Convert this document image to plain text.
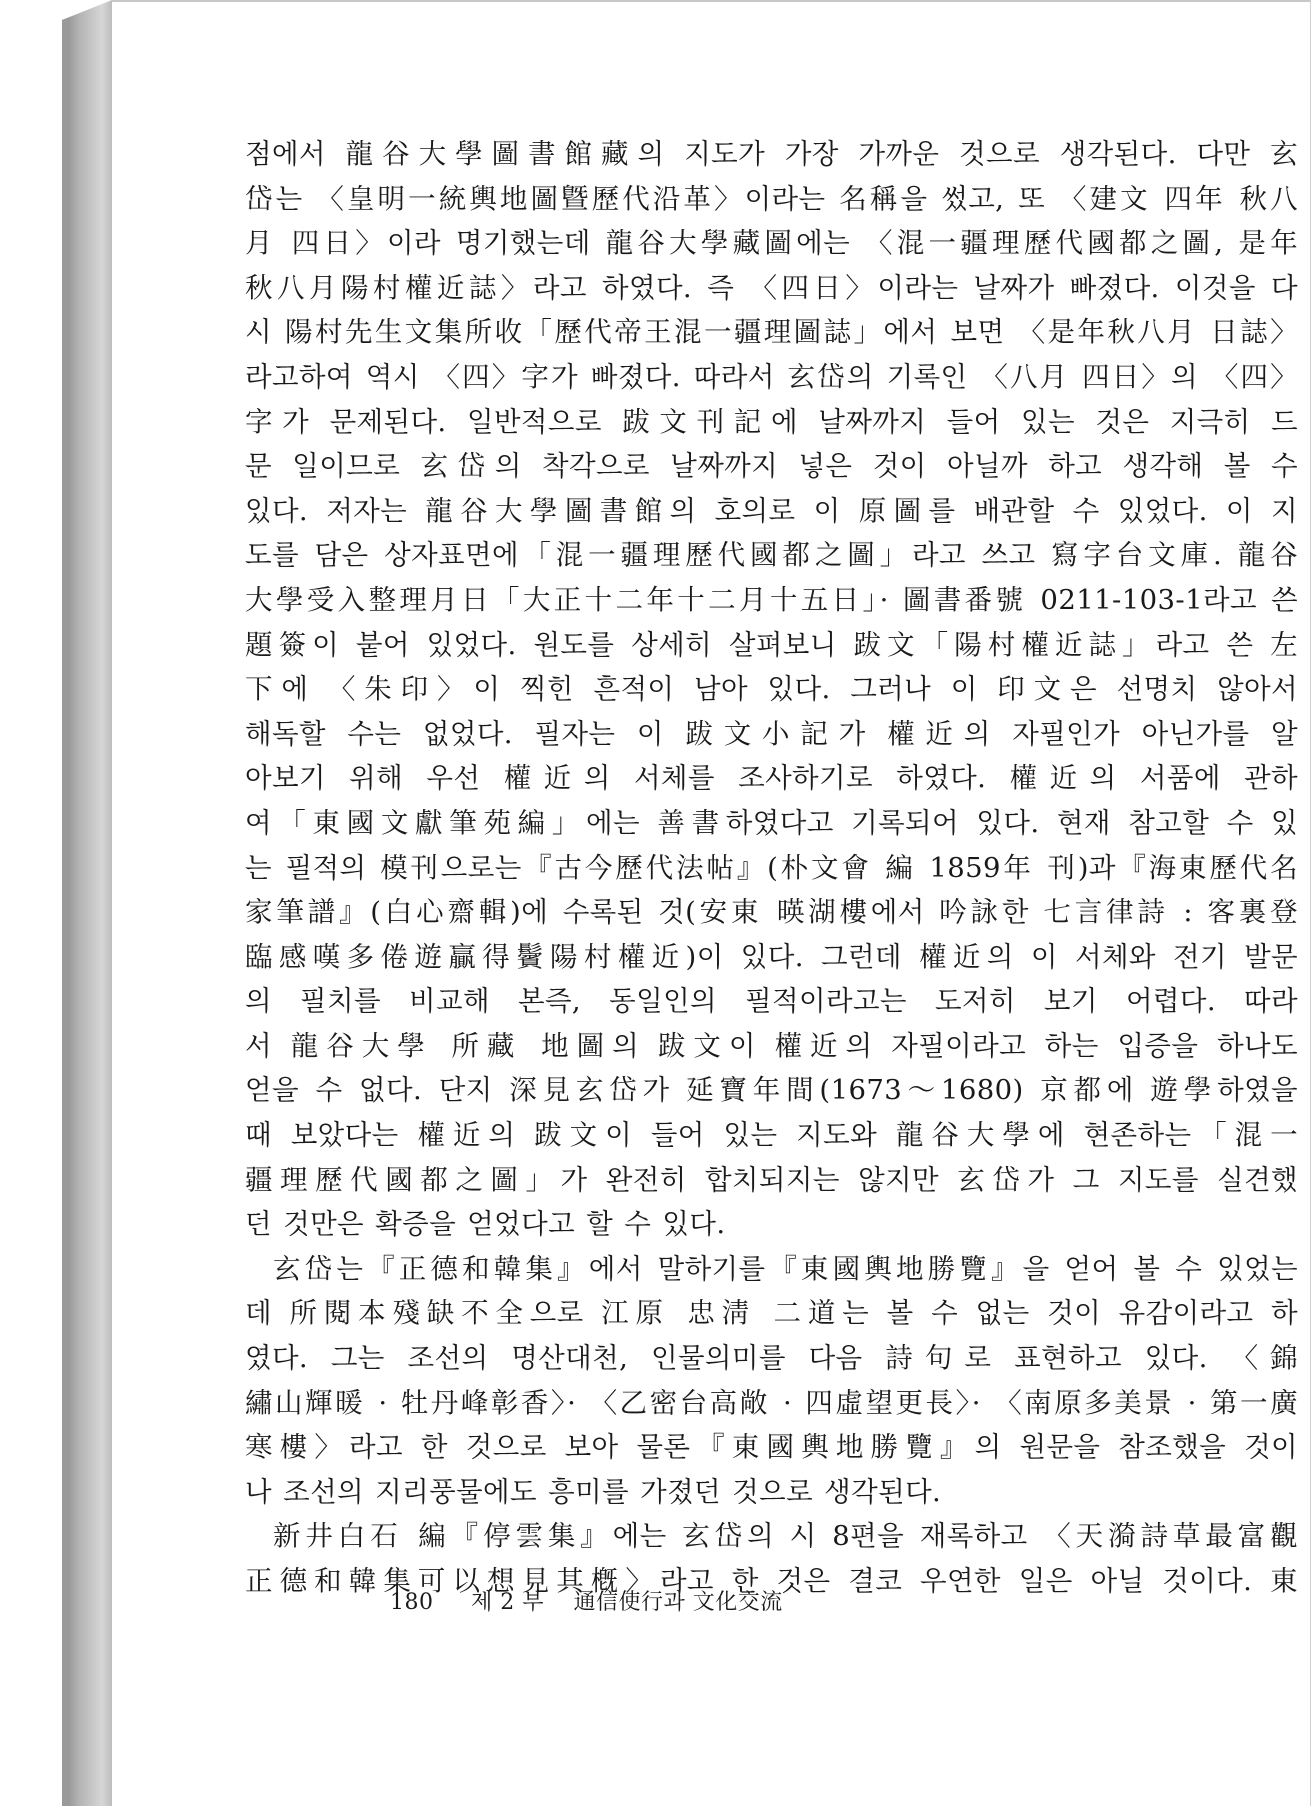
점에서 龍谷大學圖書館藏의 지도가 가장 가까운 것으로 생각된다. 다만 玄
岱는 〈皇明一統輿地圖曁歷代沿革〉이라는 名稱을 썼고, 또 〈建文 四年 秋八
月 四日〉이라 명기했는데 龍谷大學藏圖에는 〈混一疆理歷代國都之圖, 是年
秋八月陽村權近誌〉라고 하였다. 즉 〈四日〉이라는 날짜가 빠졌다. 이것을 다
시 陽村先生文集所收「歷代帝王混一疆理圖誌」에서 보면 〈是年秋八月 日誌〉
라고하여 역시 〈四〉字가 빠졌다. 따라서 玄岱의 기록인 〈八月 四日〉의 〈四〉
字가 문제된다. 일반적으로 跋文刊記에 날짜까지 들어 있는 것은 지극히 드
문 일이므로 玄岱의 착각으로 날짜까지 넣은 것이 아닐까 하고 생각해 볼 수
있다. 저자는 龍谷大學圖書館의 호의로 이 原圖를 배관할 수 있었다. 이 지
도를 담은 상자표면에「混一疆理歷代國都之圖」라고 쓰고 寫字台文庫. 龍谷
大學受入整理月日「大正十二年十二月十五日」· 圖書番號 0211-103-1라고 쓴
題簽이 붙어 있었다. 원도를 상세히 살펴보니 跋文「陽村權近誌」라고 쓴 左
下에 〈朱印〉이 찍힌 흔적이 남아 있다. 그러나 이 印文은 선명치 않아서
해독할 수는 없었다. 필자는 이 跋文小記가 權近의 자필인가 아닌가를 알
아보기 위해 우선 權近의 서체를 조사하기로 하였다. 權近의 서품에 관하
여「東國文獻筆苑編」에는 善書하였다고 기록되어 있다. 현재 참고할 수 있
는 필적의 模刊으로는『古今歷代法帖』(朴文會 編 1859年 刊)과『海東歷代名
家筆譜』(白心齋輯)에 수록된 것(安東 暎湖樓에서 吟詠한 七言律詩 : 客裏登
臨感嘆多倦遊贏得鬢陽村權近)이 있다. 그런데 權近의 이 서체와 전기 발문
의 필치를 비교해 본즉, 동일인의 필적이라고는 도저히 보기 어렵다. 따라
서 龍谷大學 所藏 地圖의 跋文이 權近의 자필이라고 하는 입증을 하나도
얻을 수 없다. 단지 深見玄岱가 延寶年間(1673～1680) 京都에 遊學하였을
때 보았다는 權近의 跋文이 들어 있는 지도와 龍谷大學에 현존하는「混一
疆理歷代國都之圖」가 완전히 합치되지는 않지만 玄岱가 그 지도를 실견했
던 것만은 확증을 얻었다고 할 수 있다.

玄岱는『正德和韓集』에서 말하기를『東國輿地勝覽』을 얻어 볼 수 있었는
데 所閱本殘缺不全으로 江原 忠淸 二道는 볼 수 없는 것이 유감이라고 하
였다. 그는 조선의 명산대천, 인물의미를 다음 詩句로 표현하고 있다. 〈錦
繡山輝暖 · 牡丹峰彰香〉· 〈乙密台高敞 · 四虛望更長〉· 〈南原多美景 · 第一廣
寒樓〉라고 한 것으로 보아 물론『東國輿地勝覽』의 원문을 참조했을 것이
나 조선의 지리풍물에도 흥미를 가졌던 것으로 생각된다.

新井白石 編『停雲集』에는 玄岱의 시 8편을 재록하고 〈天漪詩草最富觀
正德和韓集可以想見其槪〉라고 한 것은 결코 우연한 일은 아닐 것이다. 東

180 제 2 부 通信使行과 文化交流
